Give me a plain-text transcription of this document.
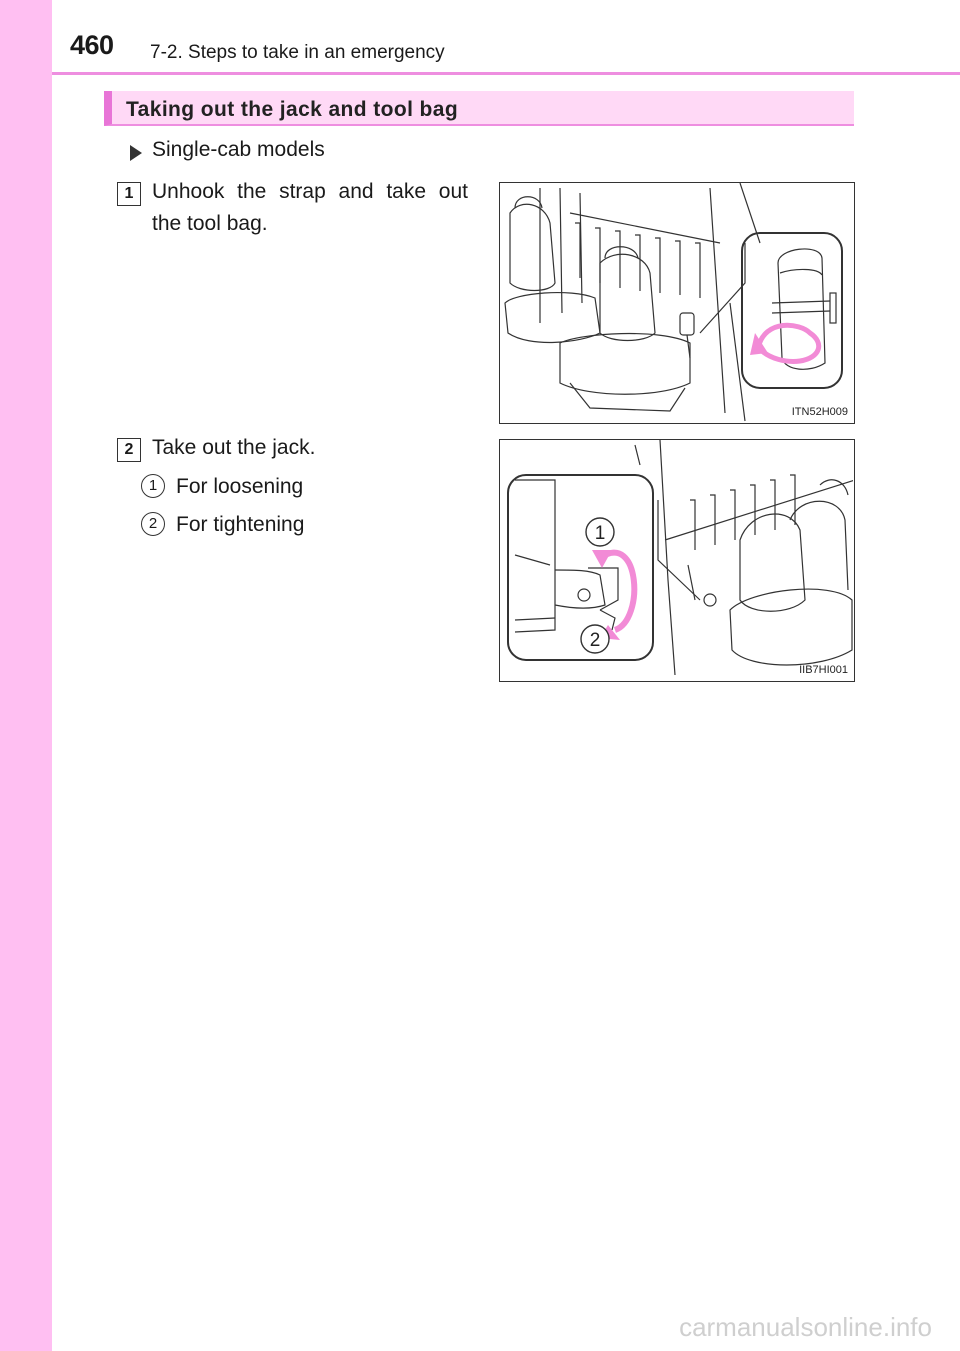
460 7-2. Steps to take in an emergency
Taking out the jack and tool bag
Single-cab models
1 Unhook the strap and take out
the tool bag.
ITN52H009
2 Take out the jack.
1 For loosening
2 For tightening	1
2
IIB7HI001
carmanualsonline.info
